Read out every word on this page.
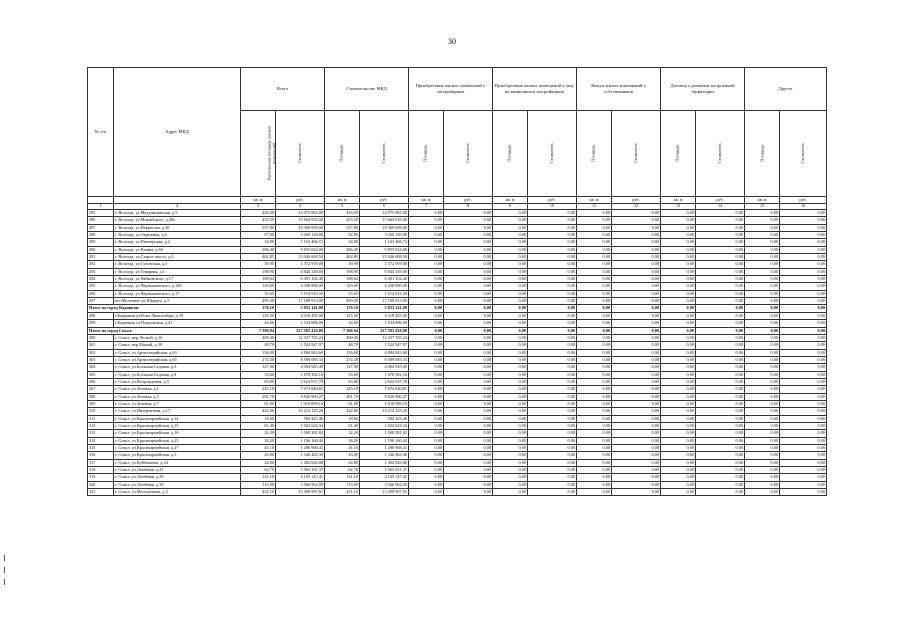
30
№ п/п	Адрес МКД	Всего		Строительство МКД		Приобретение жилых помещений у застройщиков		Приобретение жилых помещений у лиц, не являющихся застройщиком		Выкуп жилых помещений у собственников		Договор о развитии застроенной территории		Другое	
		Расселяемая площадь жилых помещений	Стоимость	Площадь	Стоимость	Площадь	Стоимость	Площадь	Стоимость	Площадь	Стоимость	Площадь	Стоимость	Площадь	Стоимость
		кв. м	руб.	кв. м	руб.	кв. м	руб.	кв. м	руб.	кв. м	руб.	кв. м	руб.	кв. м	руб.
1	2	3	4	5	6	7	8	9	10	11	12	13	14	15	16
285	г. Вологда, ул.Медуницинская, д.9	428,30	14 075 865,00	416,50	14 075 865,00	0,00	0,00	0,00	0,00	0,00	0,00	0,00	0,00	0,00	0,00
286	г. Вологда, ул.Можайского, д.28а	453,50	15 664 935,00	453,50	15 664 935,00	0,00	0,00	0,00	0,00	0,00	0,00	0,00	0,00	0,00	0,00
287	г. Вологда, ул.Некрасова, д.38	597,80	18 369 698,00	557,80	18 369 698,00	0,00	0,00	0,00	0,00	0,00	0,00	0,00	0,00	0,00	0,00
288	г. Вологда, ул.Окружная, д.6	97,00	3 260 130,00	92,00	3 260 130,00	0,00	0,00	0,00	0,00	0,00	0,00	0,00	0,00	0,00	0,00
289	г. Вологда, ул.Пионерская, д.2	34,80	1 163 466,72	34,80	1 163 466,72	0,00	0,00	0,00	0,00	0,00	0,00	0,00	0,00	0,00	0,00
290	г. Вологда, ул.Разина, д.60	286,40	9 855 024,00	286,40	9 855 024,00	0,00	0,00	0,00	0,00	0,00	0,00	0,00	0,00	0,00	0,00
291	г. Вологда, ул.Старое шоссе, д.4	462,85	15 926 608,50	462,85	15 926 608,50	0,00	0,00	0,00	0,00	0,00	0,00	0,00	0,00	0,00	0,00
292	г. Вологда, ул.Сухонская, д.5	39,90	1 372 959,00	39,90	1 372 959,00	0,00	0,00	0,00	0,00	0,00	0,00	0,00	0,00	0,00	0,00
293	г. Вологда, ул.Товарная, д.1	198,90	6 844 149,00	198,90	6 844 149,00	0,00	0,00	0,00	0,00	0,00	0,00	0,00	0,00	0,00	0,00
294	г. Вологда, ул.Чайковского, д.17	188,64	6 491 102,40	188,64	6 491 102,40	0,00	0,00	0,00	0,00	0,00	0,00	0,00	0,00	0,00	0,00
295	г. Вологда, ул.Чернышевского, д.120	129,00	4 438 890,00	129,00	4 438 890,00	0,00	0,00	0,00	0,00	0,00	0,00	0,00	0,00	0,00	0,00
296	г. Вологда, ул.Чернышевского, д.17	55,65	1 914 916,50	55,65	1 914 916,50	0,00	0,00	0,00	0,00	0,00	0,00	0,00	0,00	0,00	0,00
297	пгт.Молочное ул.Шмидта, д.5	499,30	17 180 913,00	499,30	17 180 913,00	0,00	0,00	0,00	0,00	0,00	0,00	0,00	0,00	0,00	0,00
Итого по город Кадников:		170,10	5 853 141,00	170,10	5 853 141,00	0,00	0,00	0,00	0,00	0,00	0,00	0,00	0,00	0,00	0,00
298	г.Кадников ул.Розы Люксембург, д.19	125,50	4 318 455,00	125,50	4 318 455,00	0,00	0,00	0,00	0,00	0,00	0,00	0,00	0,00	0,00	0,00
299	г.Кадников ул.Покровская, д.21	44,60	1 534 686,00	44,60	1 534 686,00	0,00	0,00	0,00	0,00	0,00	0,00	0,00	0,00	0,00	0,00
Итого по город Сокол:		7 380,94	227 583 410,80	7 360,94	227 583 410,80	0,00	0,00	0,00	0,00	0,00	0,00	0,00	0,00	0,00	0,00
300	г. Сокол, пер.Лесной, д.16	400,40	12 337 765,24	400,40	12 337 765,24	0,00	0,00	0,00	0,00	0,00	0,00	0,00	0,00	0,00	0,00
301	г. Сокол, пер.Малый, д.39	48,70	1 524 947,97	48,70	1 524 947,97	0,00	0,00	0,00	0,00	0,00	0,00	0,00	0,00	0,00	0,00
302	г. Сокол, ул.Артиллерийская, д.63	156,00	4 884 843,60	156,00	4 884 843,60	0,00	0,00	0,00	0,00	0,00	0,00	0,00	0,00	0,00	0,00
303	г. Сокол, ул.Артиллерийская, д.65	274,30	8 589 085,33	274,30	8 589 085,33	0,00	0,00	0,00	0,00	0,00	0,00	0,00	0,00	0,00	0,00
304	г. Сокол, ул.Большая Садовая, д.3	127,90	4 004 945,49	127,90	4 004 945,49	0,00	0,00	0,00	0,00	0,00	0,00	0,00	0,00	0,00	0,00
305	г. Сокол, ул.Большая Садовая, д.9	53,60	1 678 382,16	53,60	1 678 382,16	0,00	0,00	0,00	0,00	0,00	0,00	0,00	0,00	0,00	0,00
306	г. Сокол, ул.Возрождения, д.5	83,80	2 624 037,78	83,80	2 624 037,78	0,00	0,00	0,00	0,00	0,00	0,00	0,00	0,00	0,00	0,00
307	г. Сокол, ул.Зеленая, д.1	245,10	7 674 840,81	245,10	7 674 840,81	0,00	0,00	0,00	0,00	0,00	0,00	0,00	0,00	0,00	0,00
308	г. Сокол, ул.Зеленая, д.3	281,70	8 820 900,27	281,70	8 820 900,27	0,00	0,00	0,00	0,00	0,00	0,00	0,00	0,00	0,00	0,00
309	г. Сокол, ул.Зеленая, д.7	61,00	1 910 099,10	61,00	1 910 099,10	0,00	0,00	0,00	0,00	0,00	0,00	0,00	0,00	0,00	0,00
310	г. Сокол, ул.Интернатная, д.17	422,00	13 214 125,20	422,00	13 214 125,20	0,00	0,00	0,00	0,00	0,00	0,00	0,00	0,00	0,00	0,00
311	г. Сокол, ул.Красноармейская, д.14	18,60	582 425,46	18,60	582 425,46	0,00	0,00	0,00	0,00	0,00	0,00	0,00	0,00	0,00	0,00
312	г. Сокол, ул.Красноармейская, д.15	61,40	1 922 624,34	61,40	1 922 624,34	0,00	0,00	0,00	0,00	0,00	0,00	0,00	0,00	0,00	0,00
313	г. Сокол, ул.Красноармейская, д.16	32,20	1 008 281,82	32,20	1 008 281,82	0,00	0,00	0,00	0,00	0,00	0,00	0,00	0,00	0,00	0,00
314	г. Сокол, ул.Красноармейская, д.25	38,20	1 196 160,42	38,20	1 196 160,42	0,00	0,00	0,00	0,00	0,00	0,00	0,00	0,00	0,00	0,00
315	г. Сокол, ул.Красноармейская, д.27	41,10	1 286 968,41	41,10	1 286 968,41	0,00	0,00	0,00	0,00	0,00	0,00	0,00	0,00	0,00	0,00
316	г. Сокол, ул.Красноармейская, д.5	43,00	1 346 463,30	43,00	1 346 463,30	0,00	0,00	0,00	0,00	0,00	0,00	0,00	0,00	0,00	0,00
317	г. Сокол, ул.Куйбышева, д.24	44,80	1 402 826,88	44,80	1 402 826,88	0,00	0,00	0,00	0,00	0,00	0,00	0,00	0,00	0,00	0,00
318	г. Сокол, ул.Легейная, д.25	62,70	1 963 331,37	62,70	1 963 331,37	0,00	0,00	0,00	0,00	0,00	0,00	0,00	0,00	0,00	0,00
319	г. Сокол, ул.Легейная, д.28	131,10	4 105 147,41	131,10	4 105 147,41	0,00	0,00	0,00	0,00	0,00	0,00	0,00	0,00	0,00	0,00
320	г. Сокол, ул.Легейная, д.30	115,90	3 566 962,09	115,90	3 566 962,09	0,00	0,00	0,00	0,00	0,00	0,00	0,00	0,00	0,00	0,00
321	г. Сокол, ул.Молодежная, д.3	431,10	13 499 907,81	431,10	13 499 907,81	0,00	0,00	0,00	0,00	0,00	0,00	0,00	0,00	0,00	0,00
